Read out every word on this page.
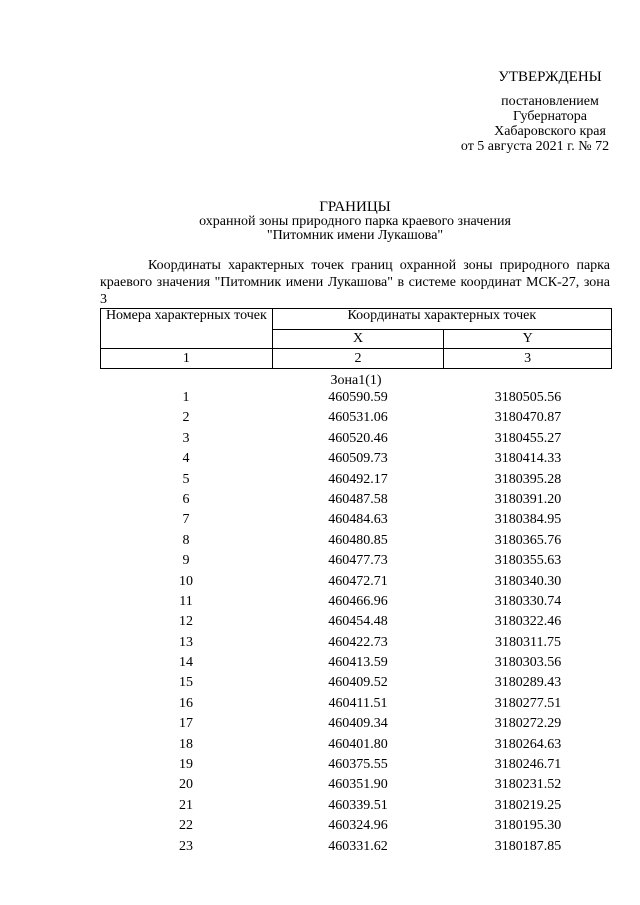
УТВЕРЖДЕНЫ
постановлением
Губернатора
Хабаровского края
от 5 августа 2021 г. № 72
ГРАНИЦЫ
охранной зоны природного парка краевого значения
"Питомник имени Лукашова"
Координаты характерных точек границ охранной зоны природного парка краевого значения "Питомник имени Лукашова" в системе координат МСК-27, зона 3
Номера характерных точек	Координаты характерных точек	
	X	Y
1	2	3
Зона1(1)
1	460590.59	3180505.56
2	460531.06	3180470.87
3	460520.46	3180455.27
4	460509.73	3180414.33
5	460492.17	3180395.28
6	460487.58	3180391.20
7	460484.63	3180384.95
8	460480.85	3180365.76
9	460477.73	3180355.63
10	460472.71	3180340.30
11	460466.96	3180330.74
12	460454.48	3180322.46
13	460422.73	3180311.75
14	460413.59	3180303.56
15	460409.52	3180289.43
16	460411.51	3180277.51
17	460409.34	3180272.29
18	460401.80	3180264.63
19	460375.55	3180246.71
20	460351.90	3180231.52
21	460339.51	3180219.25
22	460324.96	3180195.30
23	460331.62	3180187.85
